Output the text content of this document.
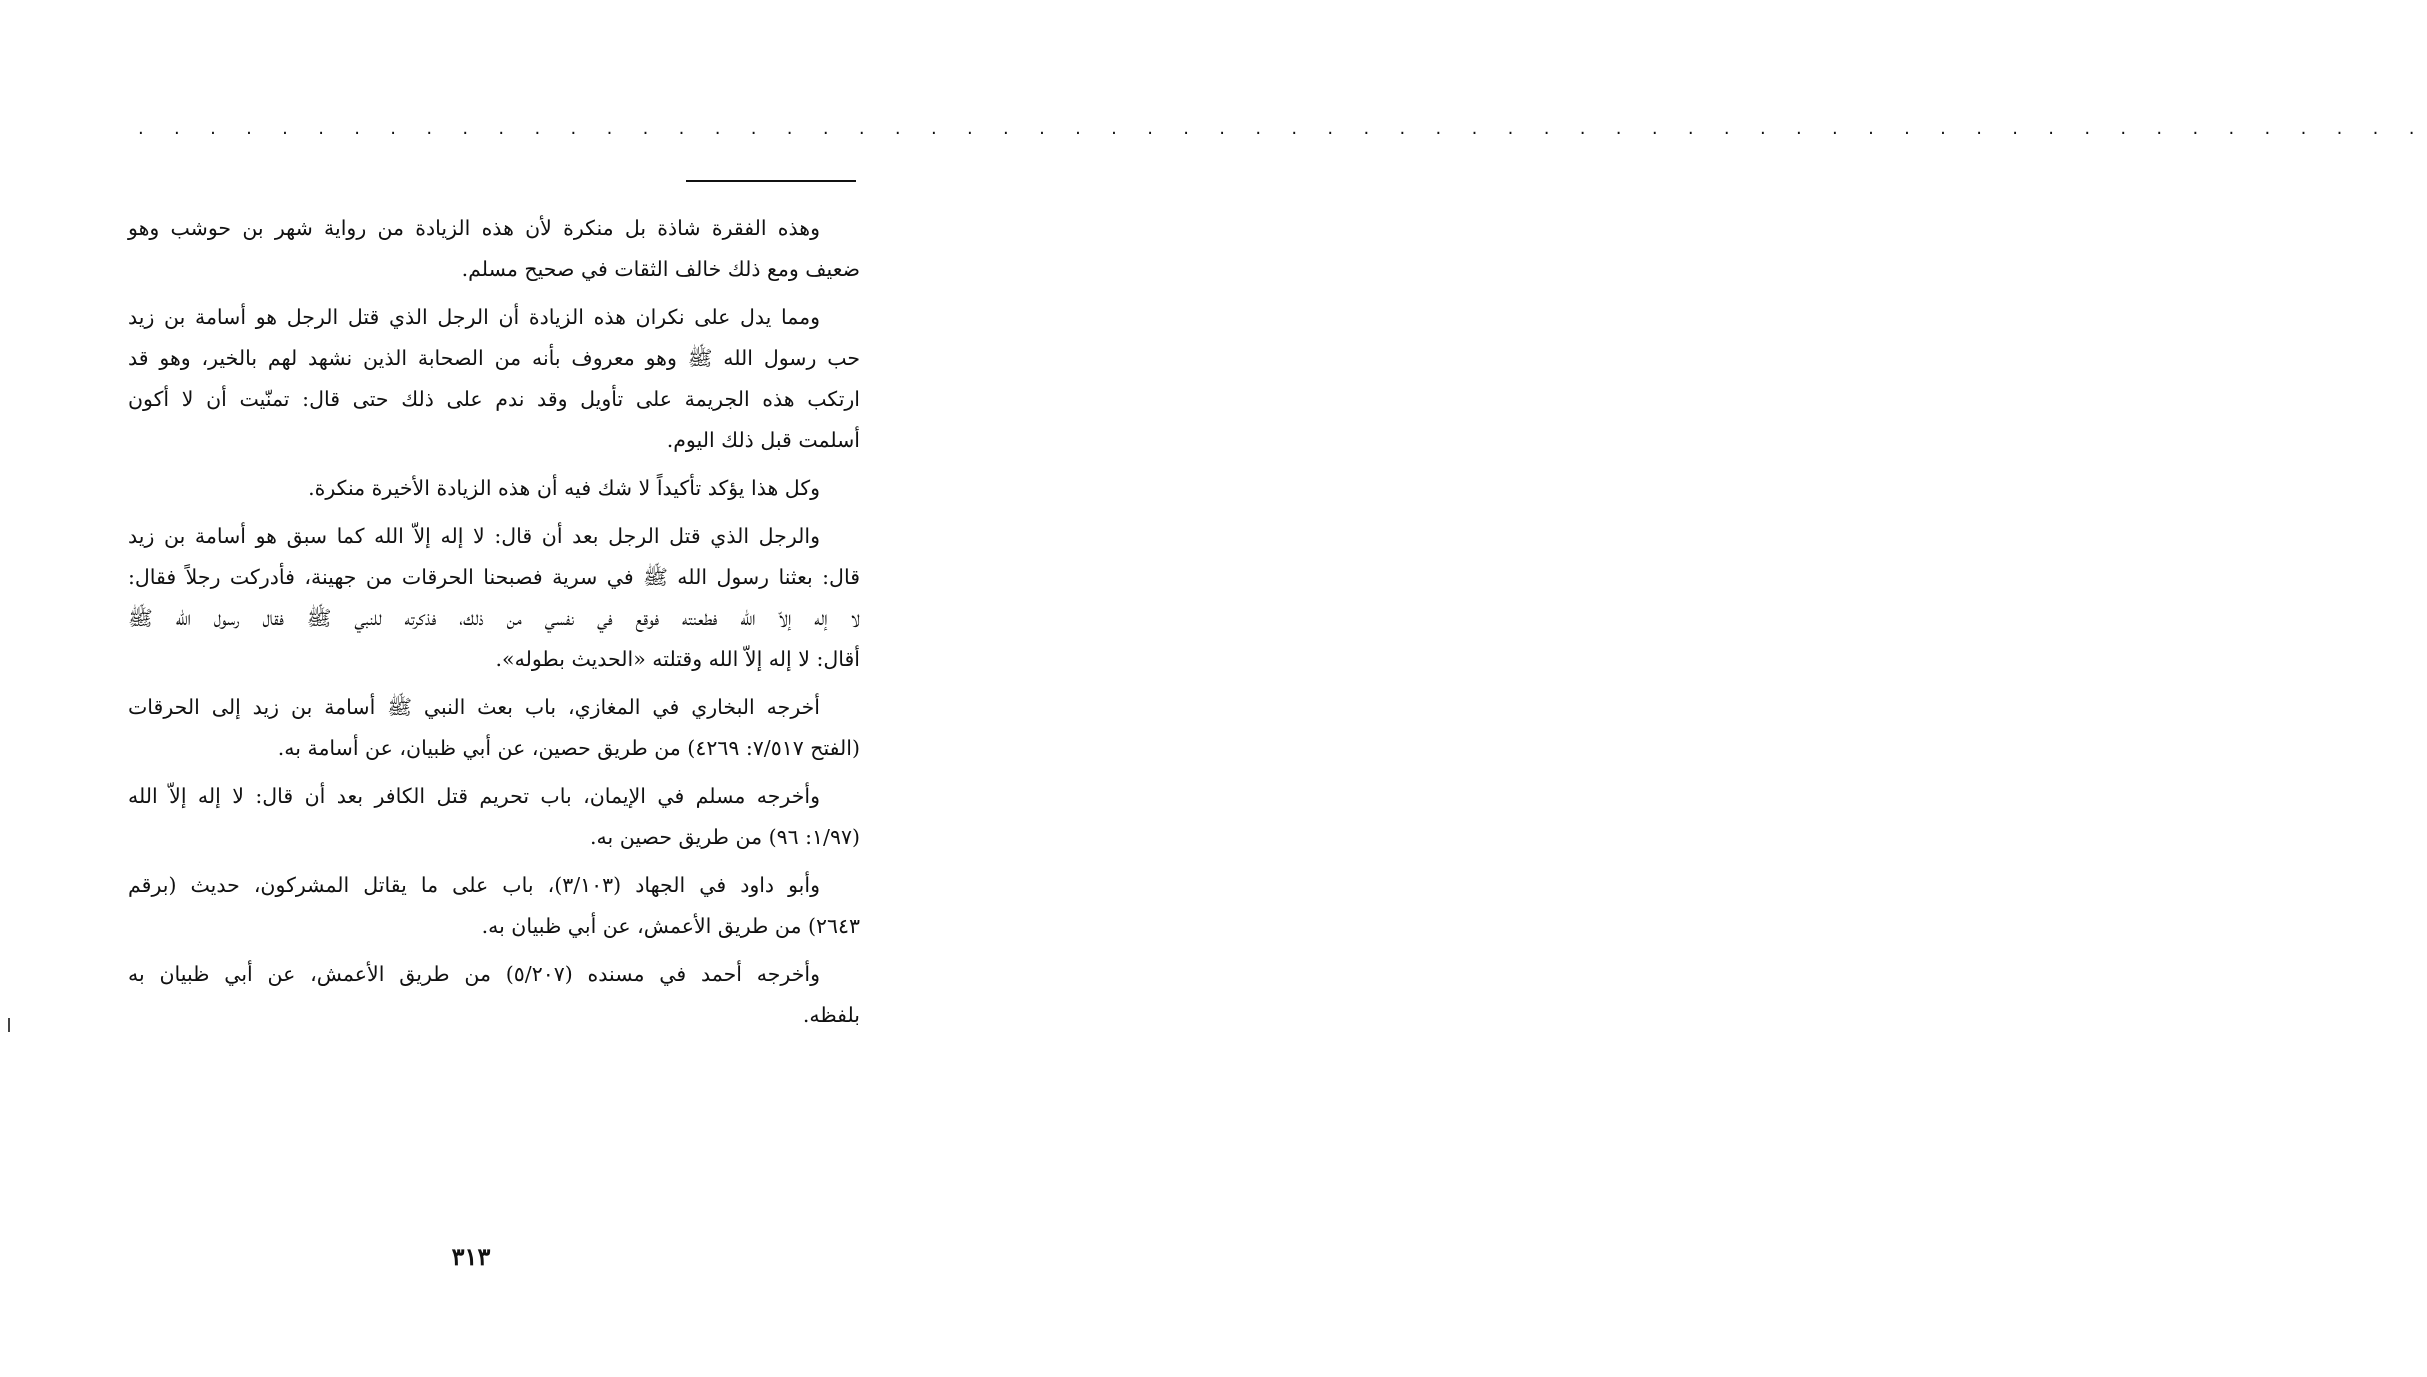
. . . . . . . . . . . . . . . . . . . . . . . . . . . . . . . . . . . . . . . . . . . . . . . . . . . . . . . . . . . . . . . .
وهذه الفقرة شاذة بل منكرة لأن هذه الزيادة من رواية شهر بن حوشب وهو
ضعيف ومع ذلك خالف الثقات في صحيح مسلم.
ومما يدل على نكران هذه الزيادة أن الرجل الذي قتل الرجل هو أسامة بن زيد
حب رسول الله ﷺ وهو معروف بأنه من الصحابة الذين نشهد لهم بالخير، وهو قد
ارتكب هذه الجريمة على تأويل وقد ندم على ذلك حتى قال: تمنّيت أن لا أكون
أسلمت قبل ذلك اليوم.
وكل هذا يؤكد تأكيداً لا شك فيه أن هذه الزيادة الأخيرة منكرة.
والرجل الذي قتل الرجل بعد أن قال: لا إله إلاّ الله كما سبق هو أسامة بن زيد
قال: بعثنا رسول الله ﷺ في سرية فصبحنا الحرقات من جهينة، فأدركت رجلاً فقال:
لا إله إلاّ الله فطعنته فوقع في نفسي من ذلك، فذكرته للنبي ﷺ فقال رسول الله ﷺ
أقال: لا إله إلاّ الله وقتلته «الحديث بطوله».
أخرجه البخاري في المغازي، باب بعث النبي ﷺ أسامة بن زيد إلى الحرقات
(الفتح ٧/٥١٧: ٤٢٦٩) من طريق حصين، عن أبي ظبيان، عن أسامة به.
وأخرجه مسلم في الإيمان، باب تحريم قتل الكافر بعد أن قال: لا إله إلاّ الله
(١/٩٧: ٩٦) من طريق حصين به.
وأبو داود في الجهاد (٣/١٠٣)، باب على ما يقاتل المشركون، حديث (برقم
٢٦٤٣) من طريق الأعمش، عن أبي ظبيان به.
وأخرجه أحمد في مسنده (٥/٢٠٧) من طريق الأعمش، عن أبي ظبيان به
بلفظه.
٣١٣
